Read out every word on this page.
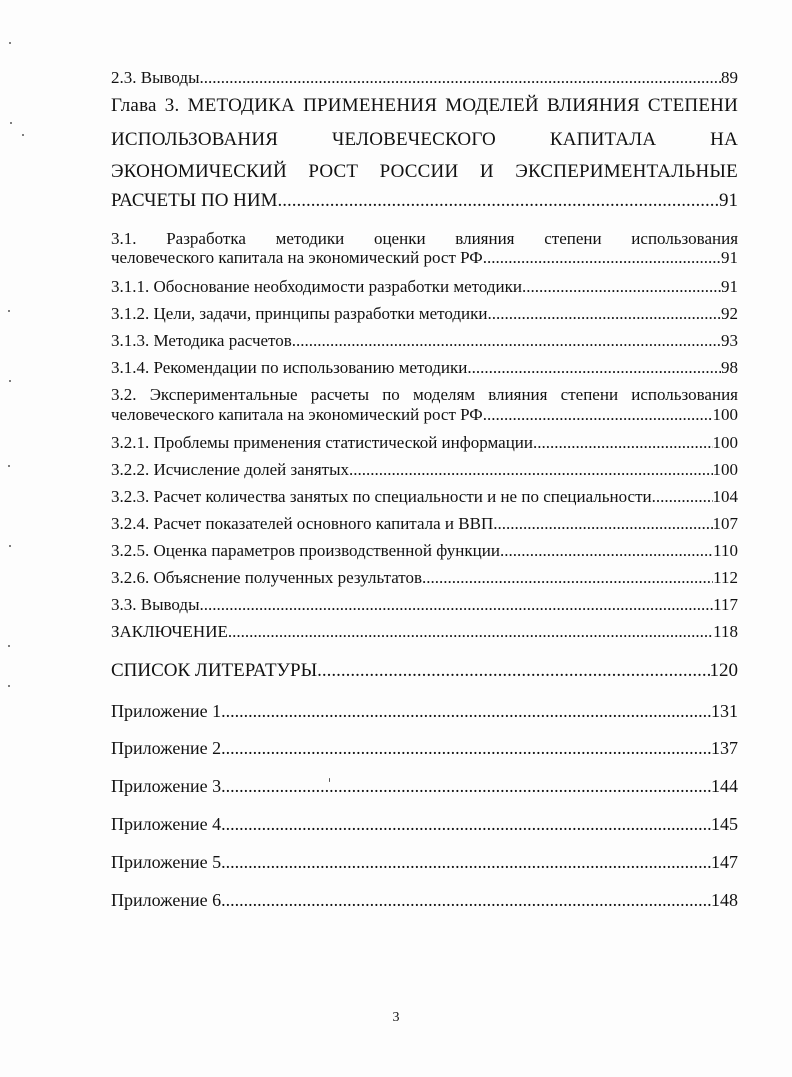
2.3. Выводы .....	89
Глава 3. МЕТОДИКА ПРИМЕНЕНИЯ МОДЕЛЕЙ ВЛИЯНИЯ СТЕПЕНИ
ИСПОЛЬЗОВАНИЯ	ЧЕЛОВЕЧЕСКОГО	КАПИТАЛА	НА
ЭКОНОМИЧЕСКИЙ РОСТ РОССИИ И ЭКСПЕРИМЕНТАЛЬНЫЕ
РАСЧЕТЫ ПО НИМ .....	91
3.1. Разработка методики оценки влияния степени использования
человеческого капитала на экономический рост РФ .....	91
3.1.1. Обоснование необходимости разработки методики .....	91
3.1.2. Цели, задачи, принципы разработки методики .....	92
3.1.3. Методика расчетов .....	93
3.1.4. Рекомендации по использованию методики .....	98
3.2. Экспериментальные расчеты по моделям влияния степени использования
человеческого капитала на экономический рост РФ .....	100
3.2.1. Проблемы применения статистической информации .....	100
3.2.2. Исчисление долей занятых .....	100
3.2.3. Расчет количества занятых по специальности и не по специальности .....	104
3.2.4. Расчет показателей основного капитала и ВВП .....	107
3.2.5. Оценка параметров производственной функции .....	110
3.2.6. Объяснение полученных результатов .....	112
3.3. Выводы .....	117
ЗАКЛЮЧЕНИЕ .....	118
СПИСОК ЛИТЕРАТУРЫ .....	120
Приложение 1 .....	131
Приложение 2 .....	137
Приложение 3 .....	144
Приложение 4 .....	145
Приложение 5 .....	147
Приложение 6 .....	148
3
